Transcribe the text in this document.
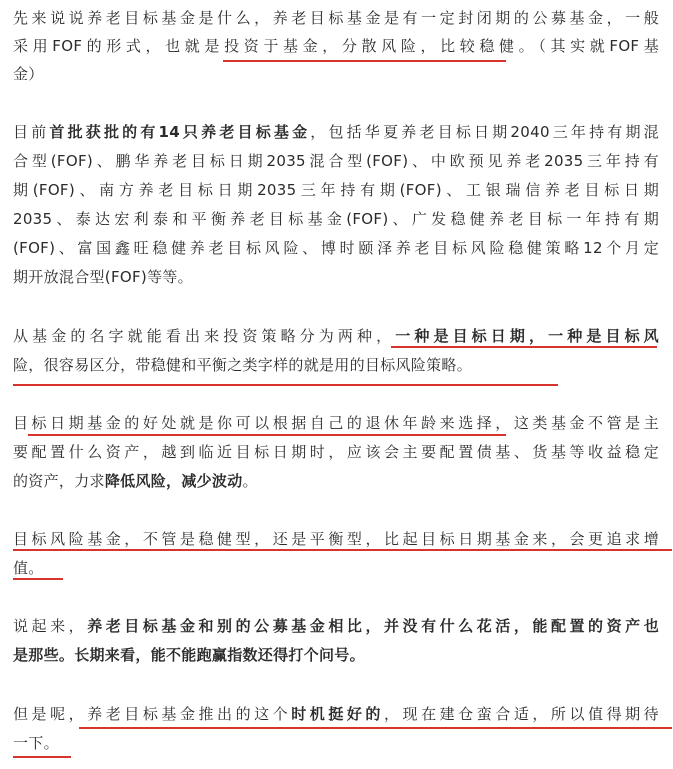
先来说说养老目标基金是什么，养老目标基金是有一定封闭期的公募基金，一般

采用FOF的形式，也就是投资于基金，分散风险，比较稳健。（其实就FOF基

金）

目前首批获批的有14只养老目标基金，包括华夏养老目标日期2040三年持有期混

合型(FOF)、鹏华养老目标日期2035混合型(FOF)、中欧预见养老2035三年持有

期(FOF)、南方养老目标日期2035三年持有期(FOF)、工银瑞信养老目标日期

2035、泰达宏利泰和平衡养老目标基金(FOF)、广发稳健养老目标一年持有期

(FOF)、富国鑫旺稳健养老目标风险、博时颐泽养老目标风险稳健策略12个月定

期开放混合型(FOF)等等。

从基金的名字就能看出来投资策略分为两种，一种是目标日期，一种是目标风

险，很容易区分，带稳健和平衡之类字样的就是用的目标风险策略。

目标日期基金的好处就是你可以根据自己的退休年龄来选择，这类基金不管是主

要配置什么资产，越到临近目标日期时，应该会主要配置债基、货基等收益稳定

的资产，力求降低风险，减少波动。

目标风险基金，不管是稳健型，还是平衡型，比起目标日期基金来，会更追求增

值。

说起来，养老目标基金和别的公募基金相比，并没有什么花活，能配置的资产也

是那些。长期来看，能不能跑赢指数还得打个问号。

但是呢，养老目标基金推出的这个时机挺好的，现在建仓蛮合适，所以值得期待

一下。
